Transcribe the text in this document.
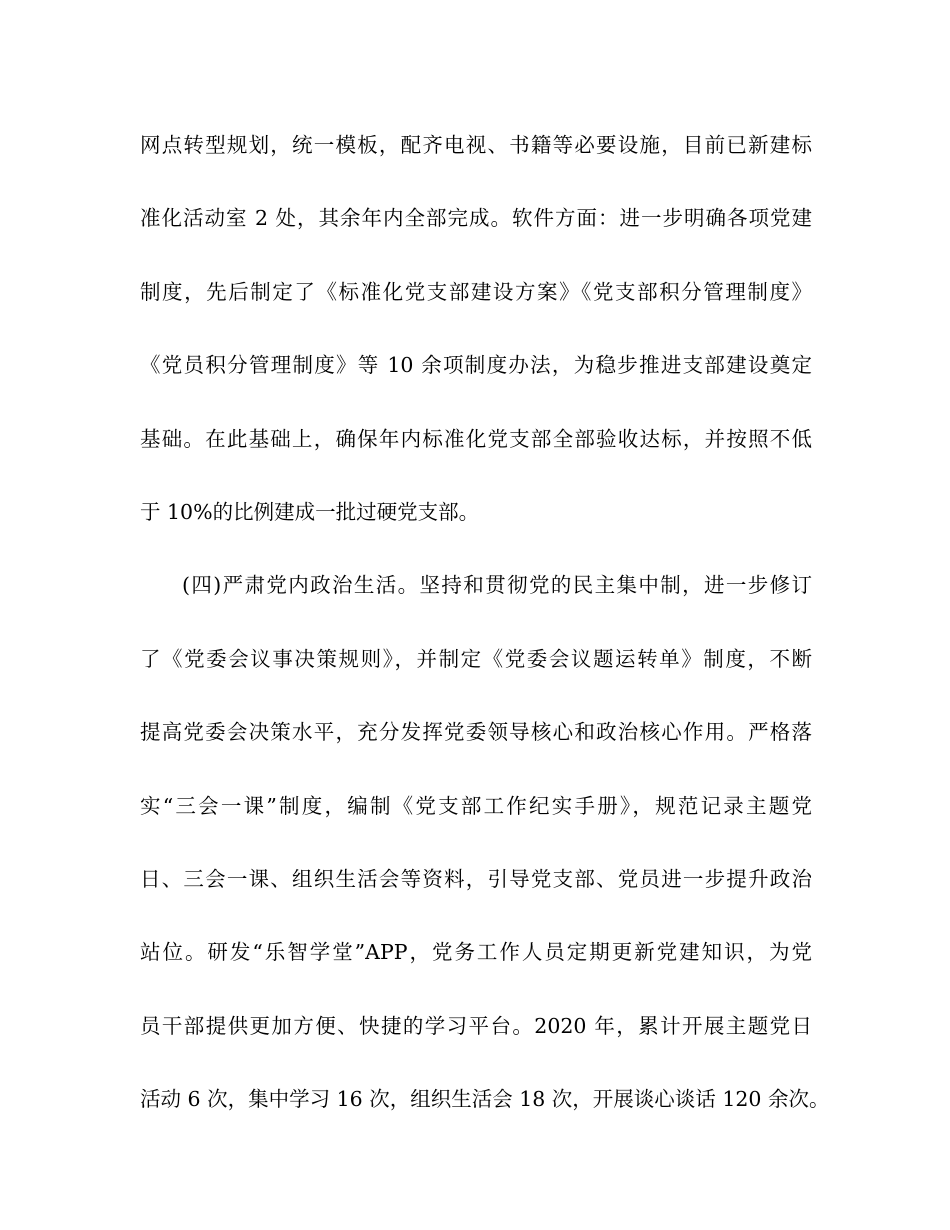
网点转型规划，统一模板，配齐电视、书籍等必要设施，目前已新建标
准化活动室 2 处，其余年内全部完成。软件方面：进一步明确各项党建
制度，先后制定了《标准化党支部建设方案》《党支部积分管理制度》
《党员积分管理制度》等 10 余项制度办法，为稳步推进支部建设奠定
基础。在此基础上，确保年内标准化党支部全部验收达标，并按照不低
于 10%的比例建成一批过硬党支部。
(四)严肃党内政治生活。坚持和贯彻党的民主集中制，进一步修订
了《党委会议事决策规则》，并制定《党委会议题运转单》制度，不断
提高党委会决策水平，充分发挥党委领导核心和政治核心作用。严格落
实“三会一课”制度，编制《党支部工作纪实手册》，规范记录主题党
日、三会一课、组织生活会等资料，引导党支部、党员进一步提升政治
站位。研发“乐智学堂”APP，党务工作人员定期更新党建知识，为党
员干部提供更加方便、快捷的学习平台。2020 年，累计开展主题党日
活动 6 次，集中学习 16 次，组织生活会 18 次，开展谈心谈话 120 余次。
